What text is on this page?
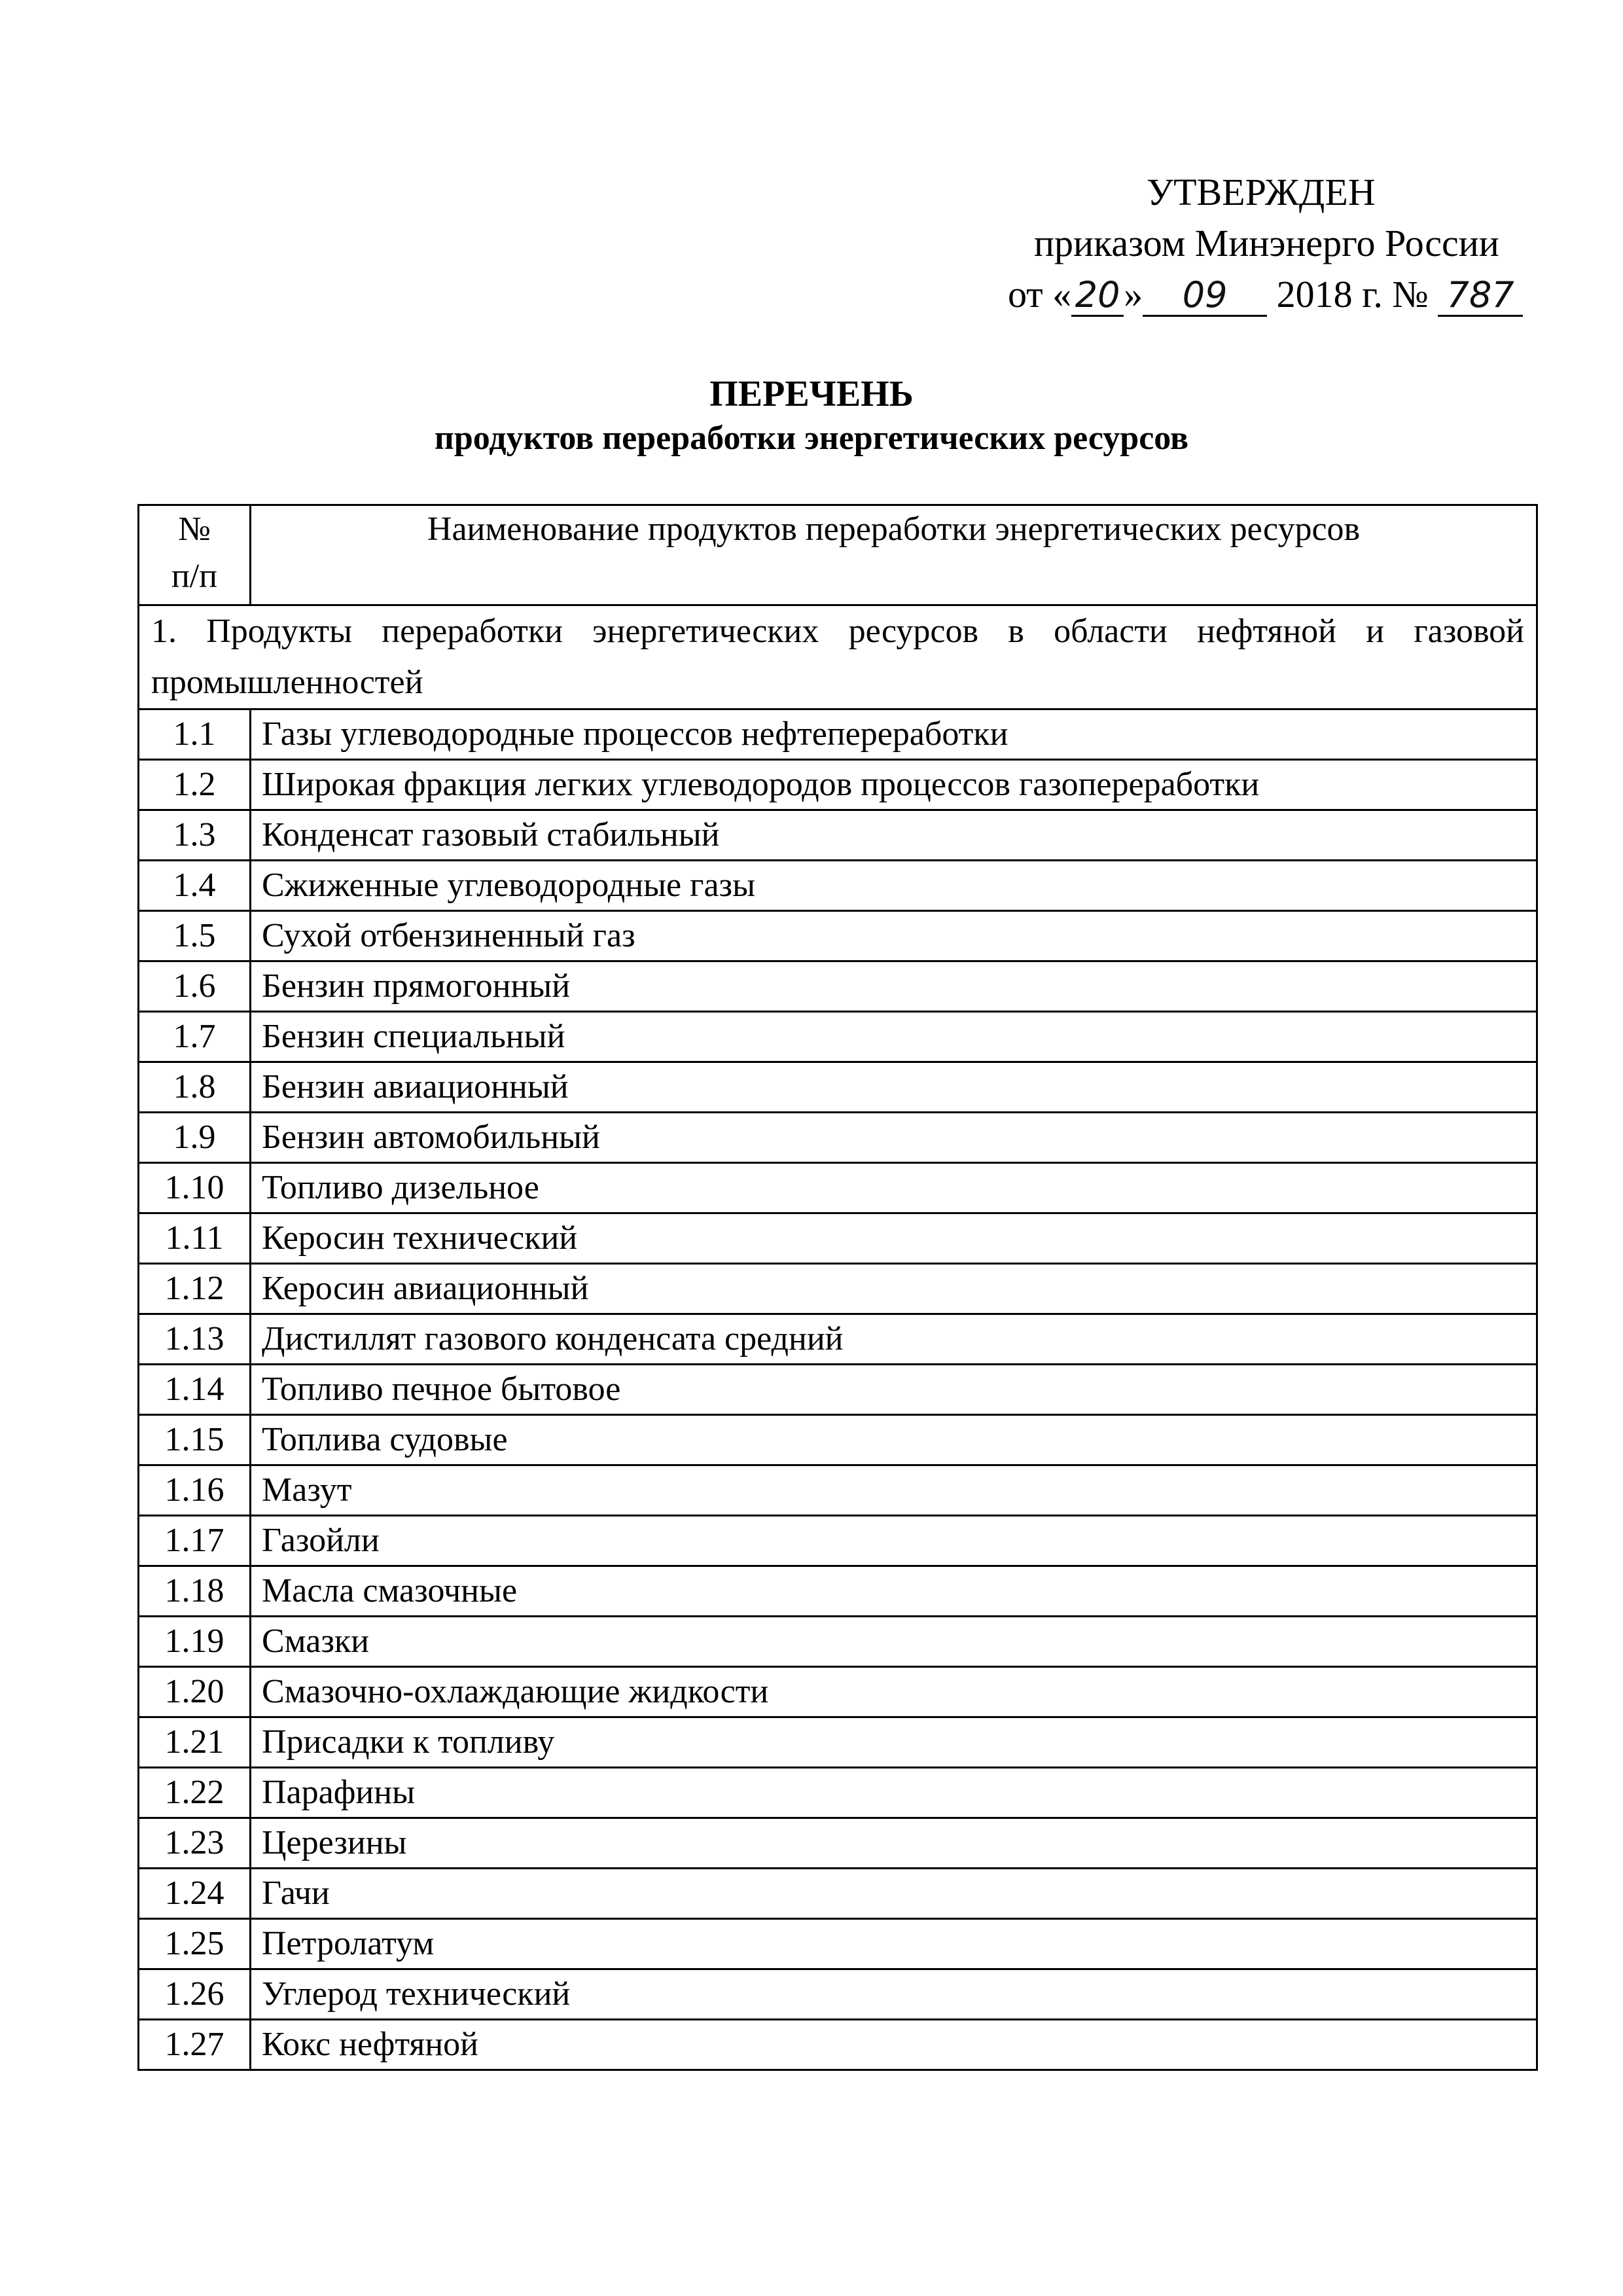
УТВЕРЖДЕН
приказом Минэнерго России
от « 20» 09 2018 г. № 787
ПЕРЕЧЕНЬ
продуктов переработки энергетических ресурсов
№
п/п	Наименование продуктов переработки энергетических ресурсов
1. Продукты переработки энергетических ресурсов в области нефтяной и газовой промышленностей	
1.1	Газы углеводородные процессов нефтепереработки
1.2	Широкая фракция легких углеводородов процессов газопереработки
1.3	Конденсат газовый стабильный
1.4	Сжиженные углеводородные газы
1.5	Сухой отбензиненный газ
1.6	Бензин прямогонный
1.7	Бензин специальный
1.8	Бензин авиационный
1.9	Бензин автомобильный
1.10	Топливо дизельное
1.11	Керосин технический
1.12	Керосин авиационный
1.13	Дистиллят газового конденсата средний
1.14	Топливо печное бытовое
1.15	Топлива судовые
1.16	Мазут
1.17	Газойли
1.18	Масла смазочные
1.19	Смазки
1.20	Смазочно-охлаждающие жидкости
1.21	Присадки к топливу
1.22	Парафины
1.23	Церезины
1.24	Гачи
1.25	Петролатум
1.26	Углерод технический
1.27	Кокс нефтяной
